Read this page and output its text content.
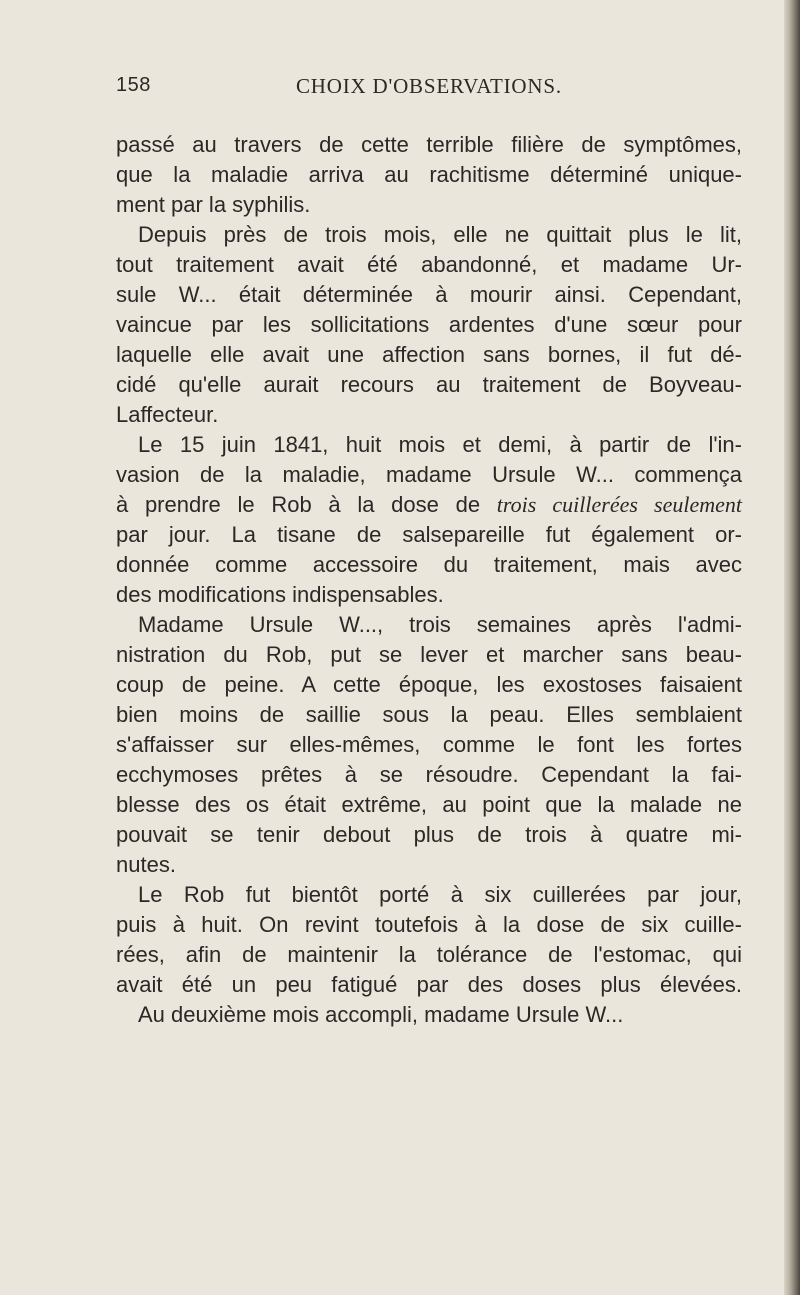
158	CHOIX D'OBSERVATIONS.
passé au travers de cette terrible filière de symptômes,
que la maladie arriva au rachitisme déterminé unique-
ment par la syphilis.
Depuis près de trois mois, elle ne quittait plus le lit,
tout traitement avait été abandonné, et madame Ur-
sule W... était déterminée à mourir ainsi. Cependant,
vaincue par les sollicitations ardentes d'une sœur pour
laquelle elle avait une affection sans bornes, il fut dé-
cidé qu'elle aurait recours au traitement de Boyveau-
Laffecteur.
Le 15 juin 1841, huit mois et demi, à partir de l'in-
vasion de la maladie, madame Ursule W... commença
à prendre le Rob à la dose de trois cuillerées seulement
par jour. La tisane de salsepareille fut également or-
donnée comme accessoire du traitement, mais avec
des modifications indispensables.
Madame Ursule W..., trois semaines après l'admi-
nistration du Rob, put se lever et marcher sans beau-
coup de peine. A cette époque, les exostoses faisaient
bien moins de saillie sous la peau. Elles semblaient
s'affaisser sur elles-mêmes, comme le font les fortes
ecchymoses prêtes à se résoudre. Cependant la fai-
blesse des os était extrême, au point que la malade ne
pouvait se tenir debout plus de trois à quatre mi-
nutes.
Le Rob fut bientôt porté à six cuillerées par jour,
puis à huit. On revint toutefois à la dose de six cuille-
rées, afin de maintenir la tolérance de l'estomac, qui
avait été un peu fatigué par des doses plus élevées.
Au deuxième mois accompli, madame Ursule W...
